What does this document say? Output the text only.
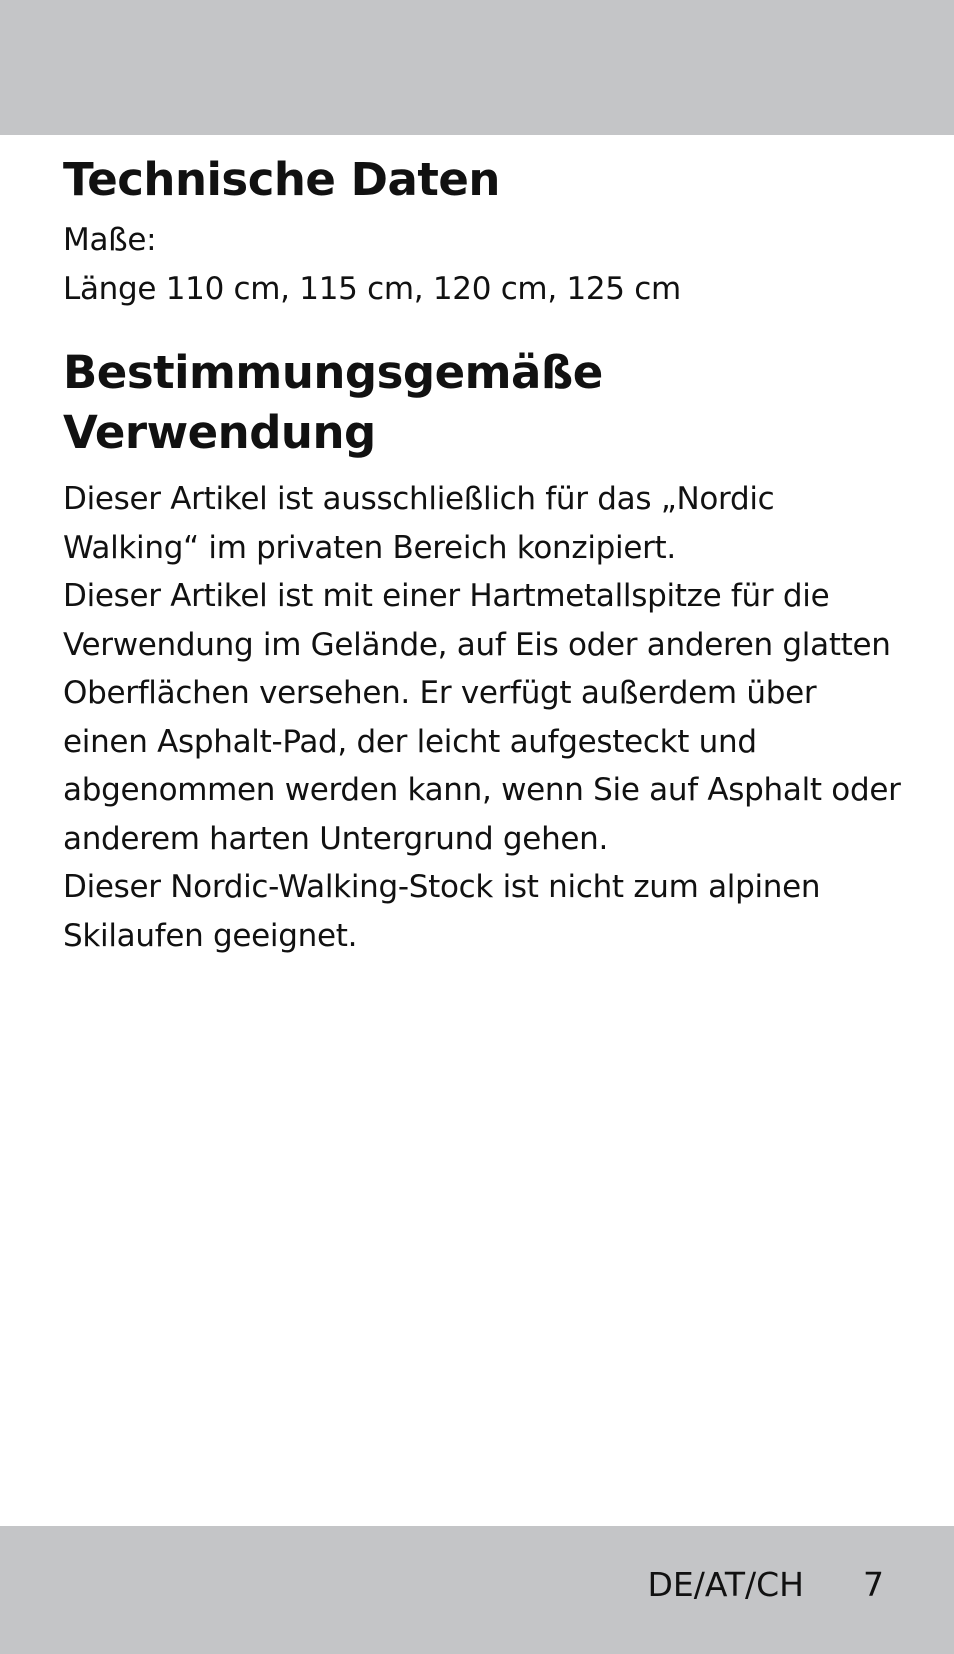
Technische Daten

Maße:

Länge 110 cm, 115 cm, 120 cm, 125 cm

Bestimmungsgemäße
Verwendung

Dieser Artikel ist ausschließlich für das „Nordic Walking“ im privaten Bereich konzipiert.

Dieser Artikel ist mit einer Hartmetallspitze für die Verwendung im Gelände, auf Eis oder anderen glatten Oberflächen versehen. Er verfügt außerdem über einen Asphalt-Pad, der leicht aufgesteckt und abgenommen werden kann, wenn Sie auf Asphalt oder anderem harten Untergrund gehen.

Dieser Nordic-Walking-Stock ist nicht zum alpinen Skilaufen geeignet.

DE/AT/CH 7
